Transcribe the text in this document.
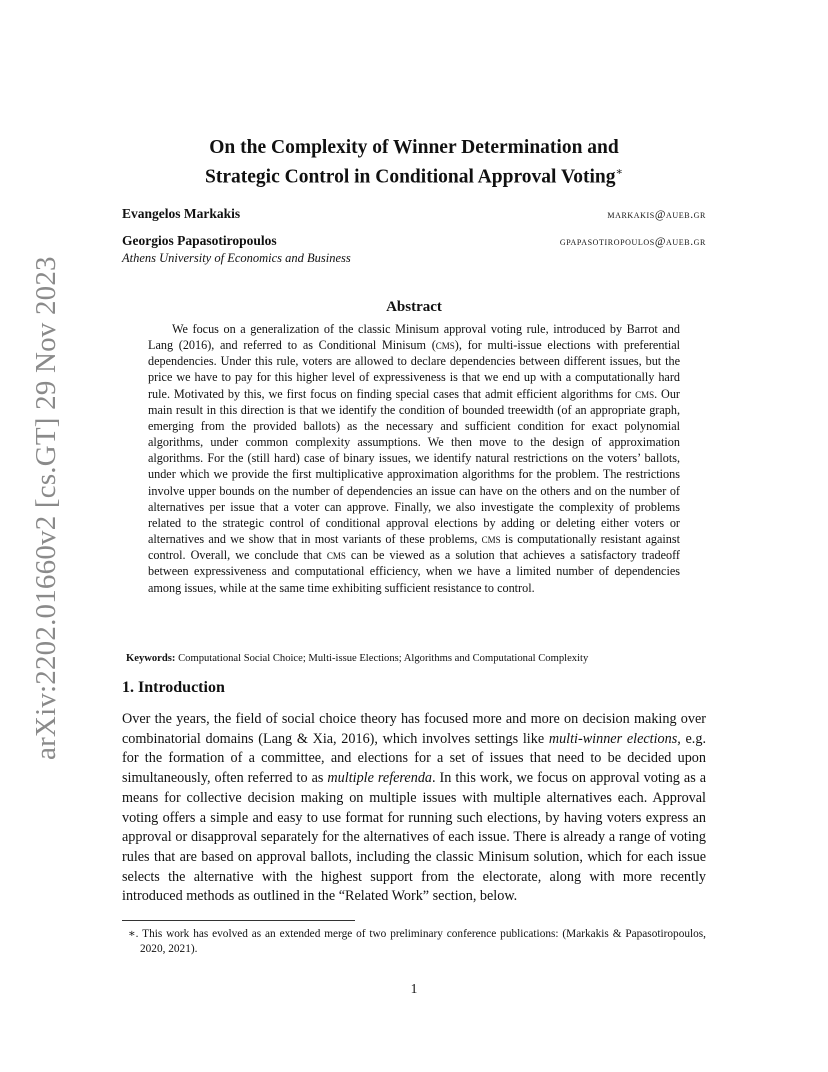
arXiv:2202.01660v2 [cs.GT] 29 Nov 2023
On the Complexity of Winner Determination and
Strategic Control in Conditional Approval Voting∗
Evangelos Markakis	markakis@aueb.gr
Georgios Papasotiropoulos	gpapasotiropoulos@aueb.gr
Athens University of Economics and Business
Abstract

We focus on a generalization of the classic Minisum approval voting rule, introduced by Barrot and Lang (2016), and referred to as Conditional Minisum (cms), for multi-issue elections with preferential dependencies. Under this rule, voters are allowed to declare dependencies between different issues, but the price we have to pay for this higher level of expressiveness is that we end up with a computationally hard rule. Motivated by this, we first focus on finding special cases that admit efficient algorithms for cms. Our main result in this direction is that we identify the condition of bounded treewidth (of an appropriate graph, emerging from the provided ballots) as the necessary and sufficient condition for exact polynomial algorithms, under common complexity assumptions. We then move to the design of approximation algorithms. For the (still hard) case of binary issues, we identify natural restrictions on the voters’ ballots, under which we provide the first multiplicative approximation algorithms for the problem. The restrictions involve upper bounds on the number of dependencies an issue can have on the others and on the number of alternatives per issue that a voter can approve. Finally, we also investigate the complexity of problems related to the strategic control of conditional approval elections by adding or deleting either voters or alternatives and we show that in most variants of these problems, cms is computationally resistant against control. Overall, we conclude that cms can be viewed as a solution that achieves a satisfactory tradeoff between expressiveness and computational efficiency, when we have a limited number of dependencies among issues, while at the same time exhibiting sufficient resistance to control.

Keywords: Computational Social Choice; Multi-issue Elections; Algorithms and Computational Complexity

1. Introduction

Over the years, the field of social choice theory has focused more and more on decision making over combinatorial domains (Lang & Xia, 2016), which involves settings like multi-winner elections, e.g. for the formation of a committee, and elections for a set of issues that need to be decided upon simultaneously, often referred to as multiple referenda. In this work, we focus on approval voting as a means for collective decision making on multiple issues with multiple alternatives each. Approval voting offers a simple and easy to use format for running such elections, by having voters express an approval or disapproval separately for the alternatives of each issue. There is already a range of voting rules that are based on approval ballots, including the classic Minisum solution, which for each issue selects the alternative with the highest support from the electorate, along with more recently introduced methods as outlined in the “Related Work” section, below.

∗. This work has evolved as an extended merge of two preliminary conference publications: (Markakis & Papasotiropoulos, 2020, 2021).

1
